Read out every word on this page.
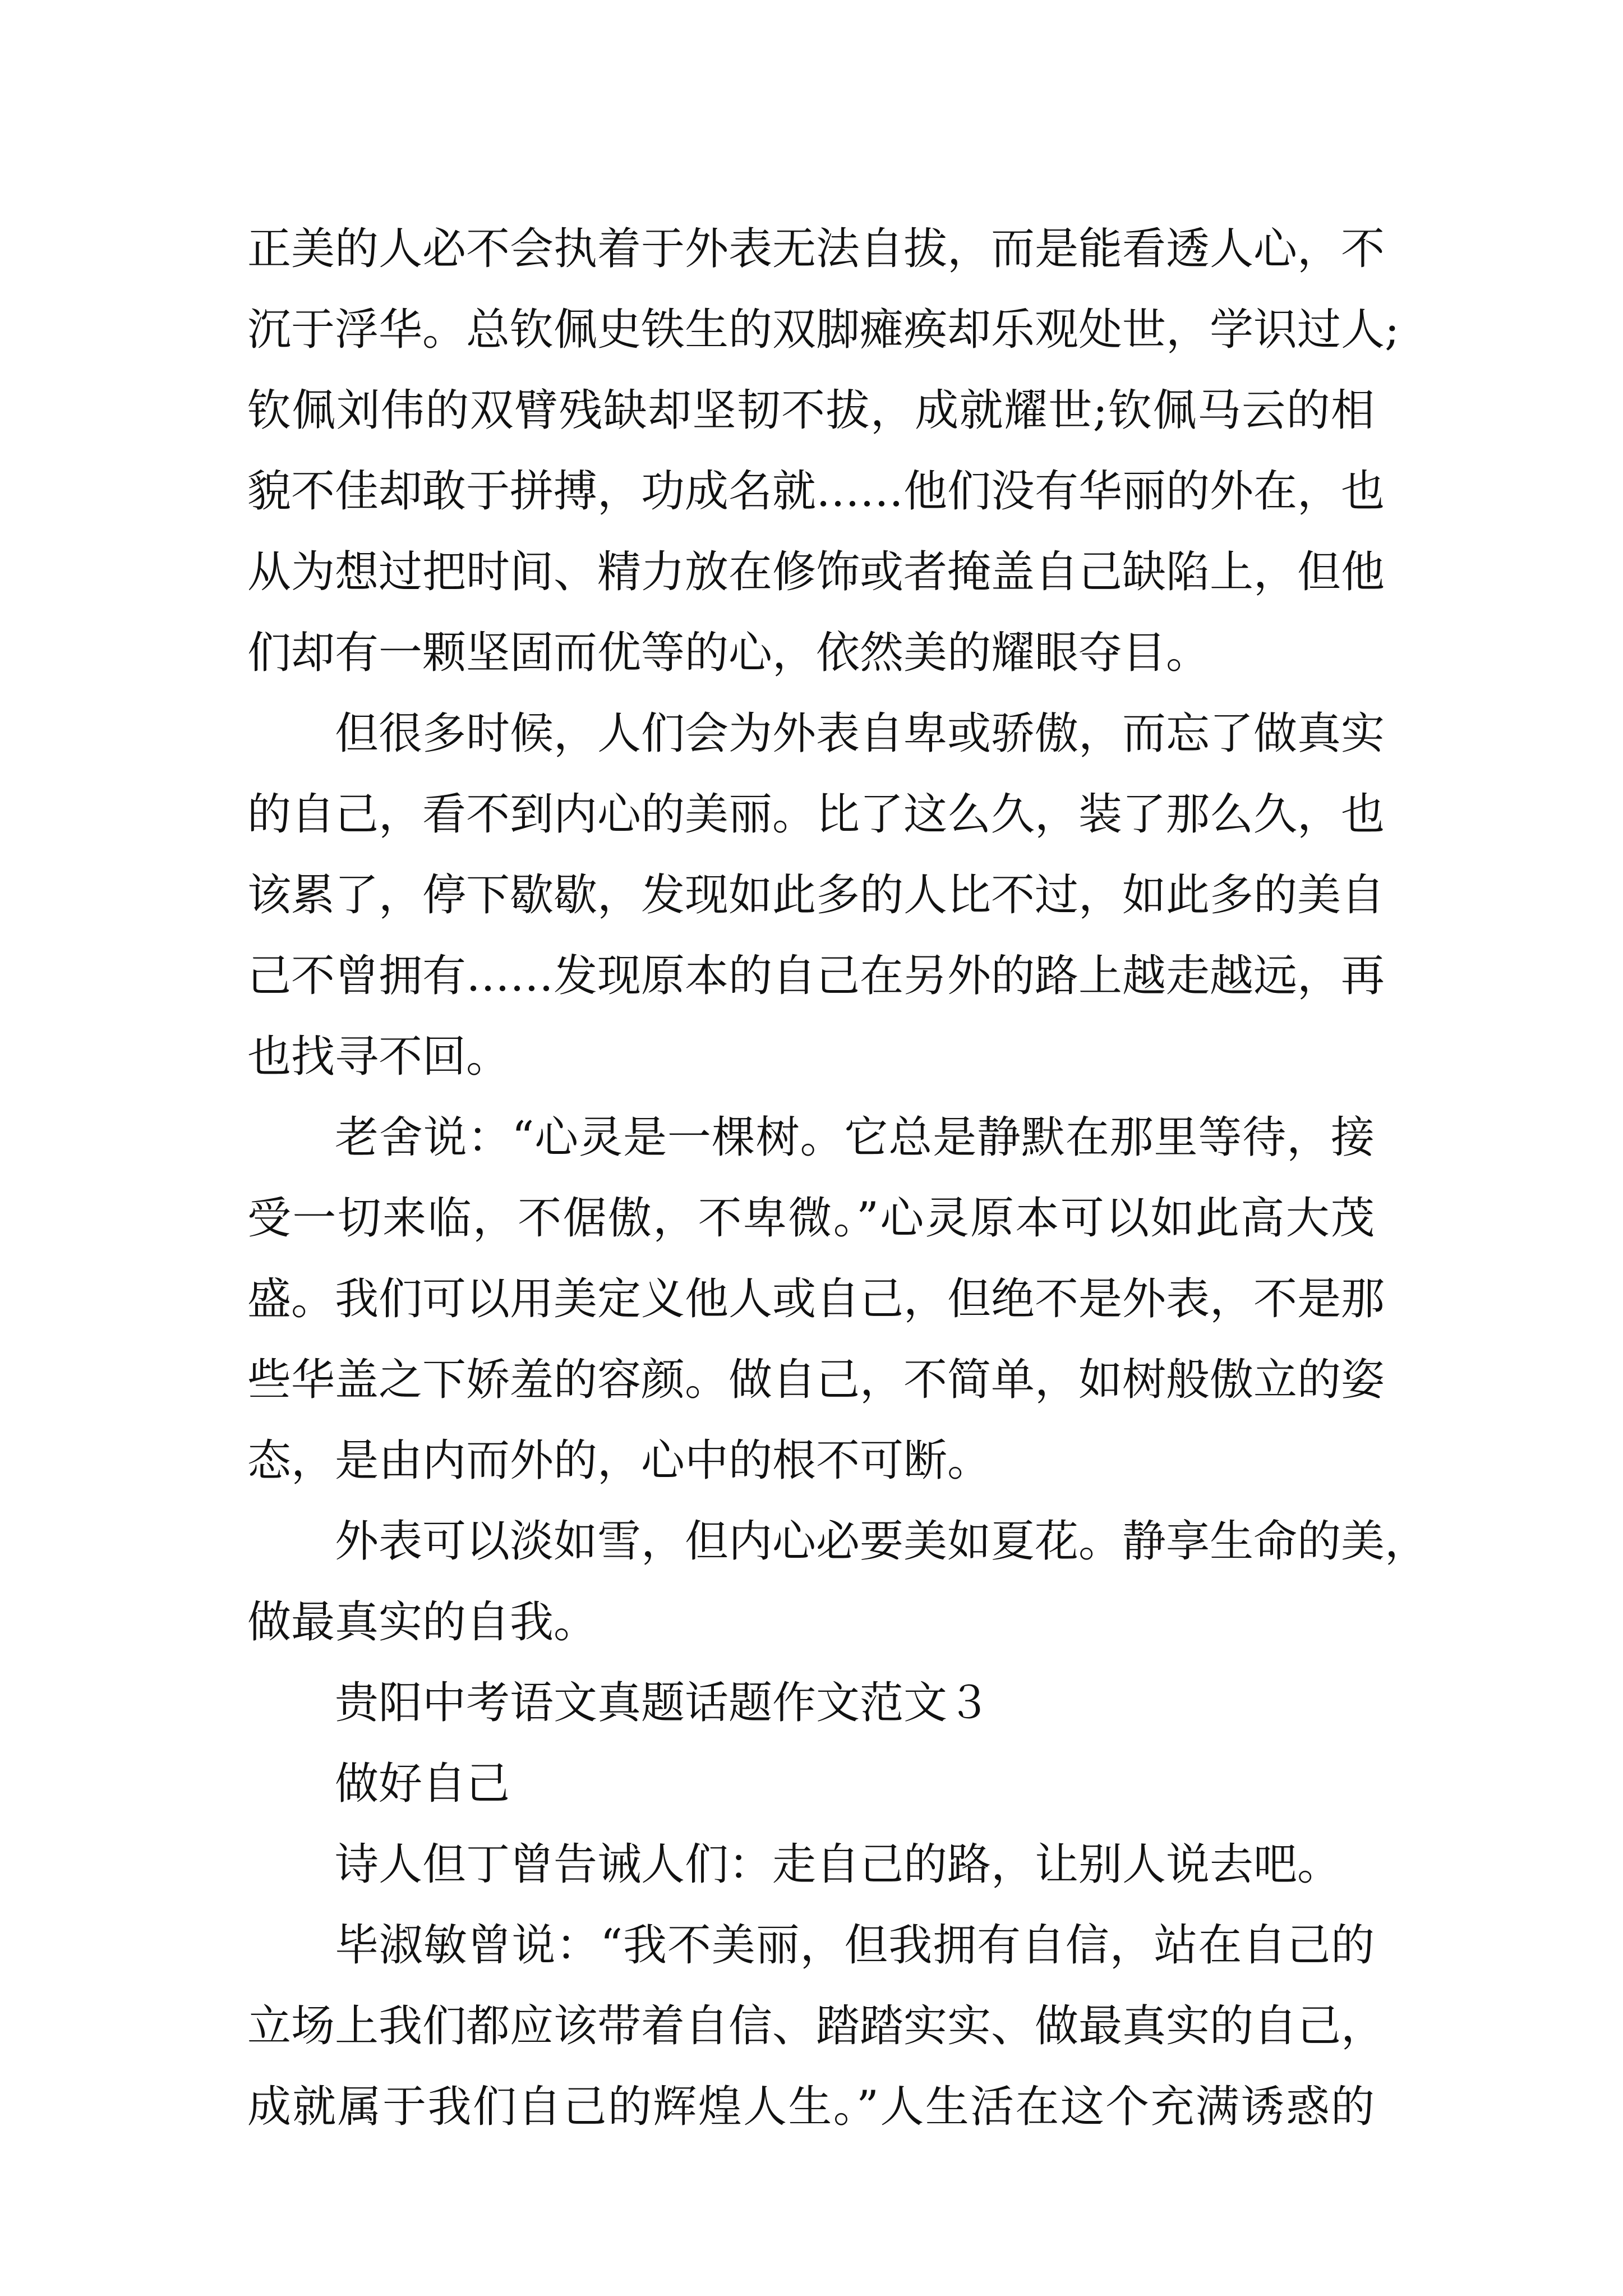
正美的人必不会执着于外表无法自拔，而是能看透人心，不
沉于浮华。总钦佩史铁生的双脚瘫痪却乐观处世，学识过人;
钦佩刘伟的双臂残缺却坚韧不拔，成就耀世;钦佩马云的相
貌不佳却敢于拼搏，功成名就……他们没有华丽的外在，也
从为想过把时间、精力放在修饰或者掩盖自己缺陷上，但他
们却有一颗坚固而优等的心，依然美的耀眼夺目。

但很多时候，人们会为外表自卑或骄傲，而忘了做真实
的自己，看不到内心的美丽。比了这么久，装了那么久，也
该累了，停下歇歇，发现如此多的人比不过，如此多的美自
己不曾拥有……发现原本的自己在另外的路上越走越远，再
也找寻不回。

老舍说：“心灵是一棵树。它总是静默在那里等待，接
受一切来临，不倨傲，不卑微。”心灵原本可以如此高大茂
盛。我们可以用美定义他人或自己，但绝不是外表，不是那
些华盖之下娇羞的容颜。做自己，不简单，如树般傲立的姿
态，是由内而外的，心中的根不可断。

外表可以淡如雪，但内心必要美如夏花。静享生命的美，
做最真实的自我。

贵阳中考语文真题话题作文范文３

做好自己

诗人但丁曾告诫人们：走自己的路，让别人说去吧。

毕淑敏曾说：“我不美丽，但我拥有自信，站在自己的
立场上我们都应该带着自信、踏踏实实、做最真实的自己，
成就属于我们自己的辉煌人生。”人生活在这个充满诱惑的
